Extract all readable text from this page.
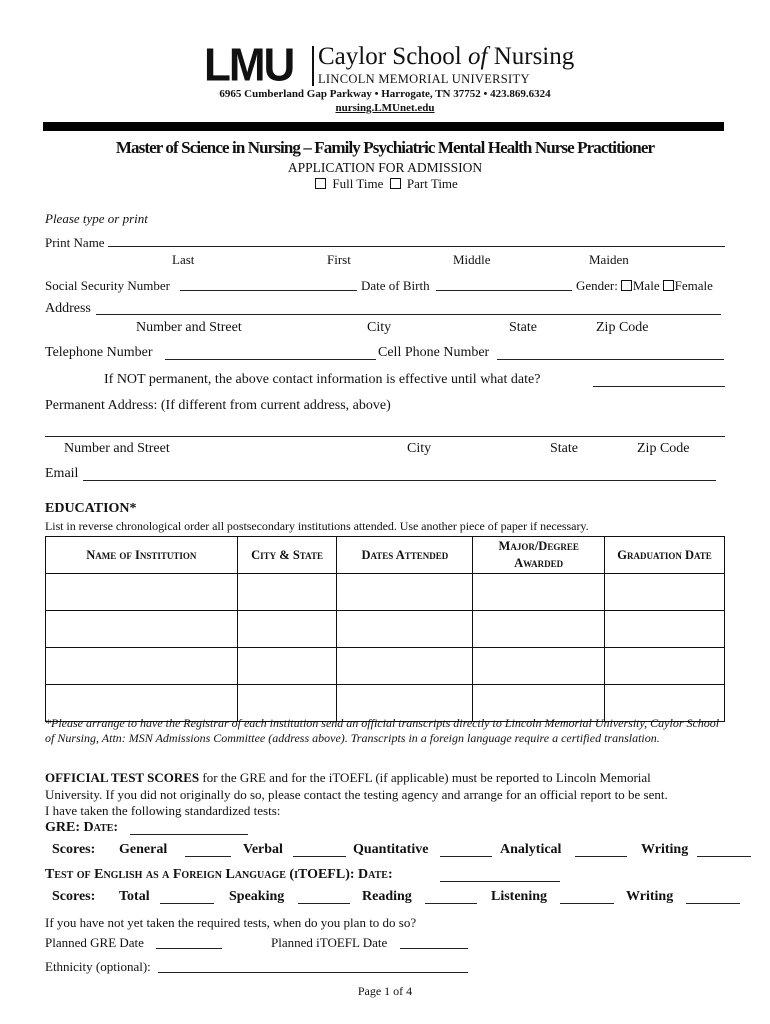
LMU Caylor School of Nursing
LINCOLN MEMORIAL UNIVERSITY
6965 Cumberland Gap Parkway • Harrogate, TN 37752 • 423.869.6324
nursing.LMUnet.edu
Master of Science in Nursing – Family Psychiatric Mental Health Nurse Practitioner
APPLICATION FOR ADMISSION
Full Time Part Time
Please type or print
Print Name
Last	First	Middle	Maiden
Social Security Number	Date of Birth	Gender: Male Female
Address
Number and Street	City	State	Zip Code
Telephone Number	Cell Phone Number
If NOT permanent, the above contact information is effective until what date?
Permanent Address: (If different from current address, above)
Number and Street	City	State	Zip Code
Email
EDUCATION*
List in reverse chronological order all postsecondary institutions attended. Use another piece of paper if necessary.
Name of Institution	City & State	Dates Attended	Major/Degree Awarded	Graduation Date

*Please arrange to have the Registrar of each institution send an official transcripts directly to Lincoln Memorial University, Caylor School of Nursing, Attn: MSN Admissions Committee (address above). Transcripts in a foreign language require a certified translation.
OFFICIAL TEST SCORES for the GRE and for the iTOEFL (if applicable) must be reported to Lincoln Memorial
University. If you did not originally do so, please contact the testing agency and arrange for an official report to be sent.
I have taken the following standardized tests:
GRE: Date:
Scores: General	Verbal	Quantitative	Analytical	Writing
Test of English as a Foreign Language (iTOEFL): Date:
Scores: Total	Speaking	Reading	Listening	Writing
If you have not yet taken the required tests, when do you plan to do so?
Planned GRE Date	Planned iTOEFL Date
Ethnicity (optional):
Page 1 of 4
